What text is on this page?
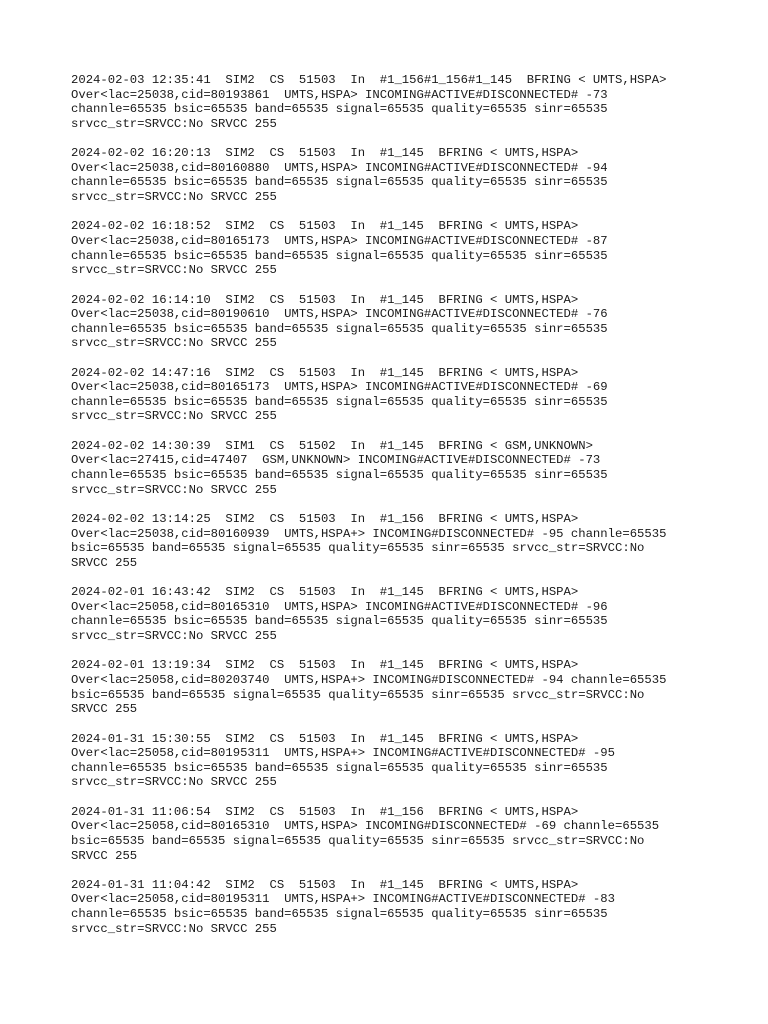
2024-02-03 12:35:41  SIM2  CS  51503  In  #1_156#1_156#1_145  BFRING < UMTS,HSPA>
Over<lac=25038,cid=80193861  UMTS,HSPA> INCOMING#ACTIVE#DISCONNECTED# -73
channle=65535 bsic=65535 band=65535 signal=65535 quality=65535 sinr=65535
srvcc_str=SRVCC:No SRVCC 255
2024-02-02 16:20:13  SIM2  CS  51503  In  #1_145  BFRING < UMTS,HSPA>
Over<lac=25038,cid=80160880  UMTS,HSPA> INCOMING#ACTIVE#DISCONNECTED# -94
channle=65535 bsic=65535 band=65535 signal=65535 quality=65535 sinr=65535
srvcc_str=SRVCC:No SRVCC 255
2024-02-02 16:18:52  SIM2  CS  51503  In  #1_145  BFRING < UMTS,HSPA>
Over<lac=25038,cid=80165173  UMTS,HSPA> INCOMING#ACTIVE#DISCONNECTED# -87
channle=65535 bsic=65535 band=65535 signal=65535 quality=65535 sinr=65535
srvcc_str=SRVCC:No SRVCC 255
2024-02-02 16:14:10  SIM2  CS  51503  In  #1_145  BFRING < UMTS,HSPA>
Over<lac=25038,cid=80190610  UMTS,HSPA> INCOMING#ACTIVE#DISCONNECTED# -76
channle=65535 bsic=65535 band=65535 signal=65535 quality=65535 sinr=65535
srvcc_str=SRVCC:No SRVCC 255
2024-02-02 14:47:16  SIM2  CS  51503  In  #1_145  BFRING < UMTS,HSPA>
Over<lac=25038,cid=80165173  UMTS,HSPA> INCOMING#ACTIVE#DISCONNECTED# -69
channle=65535 bsic=65535 band=65535 signal=65535 quality=65535 sinr=65535
srvcc_str=SRVCC:No SRVCC 255
2024-02-02 14:30:39  SIM1  CS  51502  In  #1_145  BFRING < GSM,UNKNOWN>
Over<lac=27415,cid=47407  GSM,UNKNOWN> INCOMING#ACTIVE#DISCONNECTED# -73
channle=65535 bsic=65535 band=65535 signal=65535 quality=65535 sinr=65535
srvcc_str=SRVCC:No SRVCC 255
2024-02-02 13:14:25  SIM2  CS  51503  In  #1_156  BFRING < UMTS,HSPA>
Over<lac=25038,cid=80160939  UMTS,HSPA+> INCOMING#DISCONNECTED# -95 channle=65535
bsic=65535 band=65535 signal=65535 quality=65535 sinr=65535 srvcc_str=SRVCC:No
SRVCC 255
2024-02-01 16:43:42  SIM2  CS  51503  In  #1_145  BFRING < UMTS,HSPA>
Over<lac=25058,cid=80165310  UMTS,HSPA> INCOMING#ACTIVE#DISCONNECTED# -96
channle=65535 bsic=65535 band=65535 signal=65535 quality=65535 sinr=65535
srvcc_str=SRVCC:No SRVCC 255
2024-02-01 13:19:34  SIM2  CS  51503  In  #1_145  BFRING < UMTS,HSPA>
Over<lac=25058,cid=80203740  UMTS,HSPA+> INCOMING#DISCONNECTED# -94 channle=65535
bsic=65535 band=65535 signal=65535 quality=65535 sinr=65535 srvcc_str=SRVCC:No
SRVCC 255
2024-01-31 15:30:55  SIM2  CS  51503  In  #1_145  BFRING < UMTS,HSPA>
Over<lac=25058,cid=80195311  UMTS,HSPA+> INCOMING#ACTIVE#DISCONNECTED# -95
channle=65535 bsic=65535 band=65535 signal=65535 quality=65535 sinr=65535
srvcc_str=SRVCC:No SRVCC 255
2024-01-31 11:06:54  SIM2  CS  51503  In  #1_156  BFRING < UMTS,HSPA>
Over<lac=25058,cid=80165310  UMTS,HSPA> INCOMING#DISCONNECTED# -69 channle=65535
bsic=65535 band=65535 signal=65535 quality=65535 sinr=65535 srvcc_str=SRVCC:No
SRVCC 255
2024-01-31 11:04:42  SIM2  CS  51503  In  #1_145  BFRING < UMTS,HSPA>
Over<lac=25058,cid=80195311  UMTS,HSPA+> INCOMING#ACTIVE#DISCONNECTED# -83
channle=65535 bsic=65535 band=65535 signal=65535 quality=65535 sinr=65535
srvcc_str=SRVCC:No SRVCC 255
